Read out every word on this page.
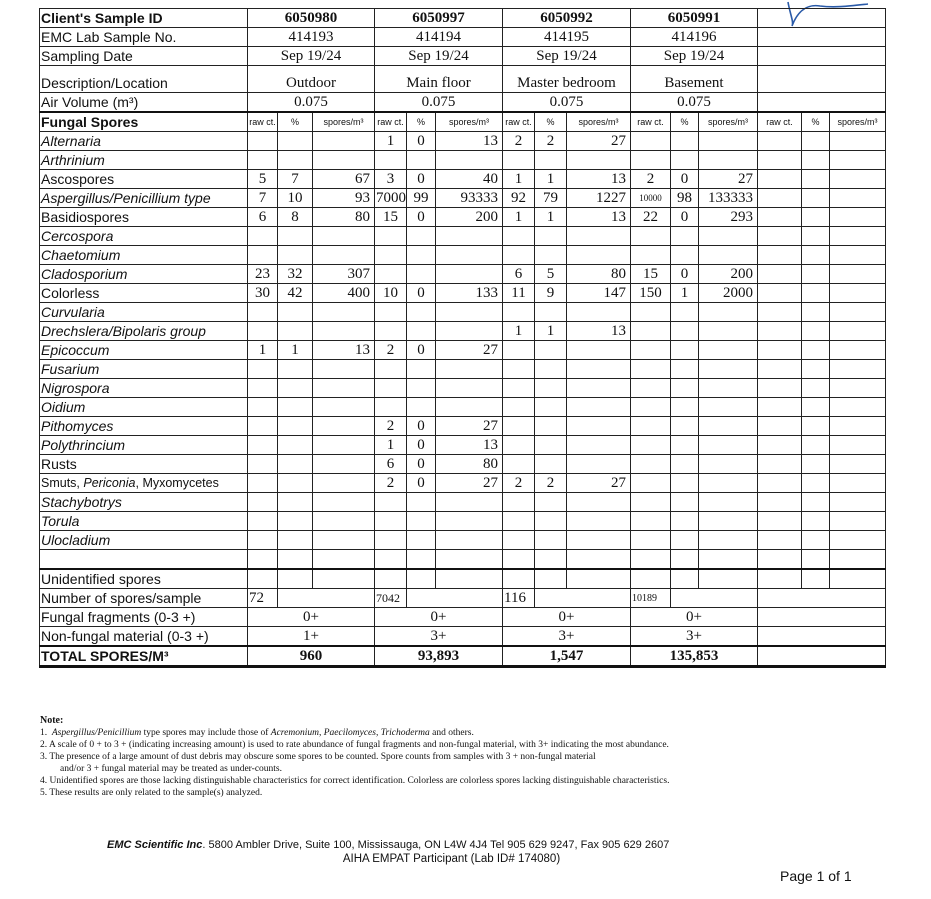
Client's Sample ID	6050980			6050997			6050992			6050991					
EMC Lab Sample No.	414193			414194			414195			414196					
Sampling Date	Sep 19/24			Sep 19/24			Sep 19/24			Sep 19/24					
Description/Location	Outdoor			Main floor			Master bedroom			Basement					
Air Volume (m³)	0.075			0.075			0.075			0.075					
Fungal Spores	raw ct.	%	spores/m³	raw ct.	%	spores/m³	raw ct.	%	spores/m³	raw ct.	%	spores/m³	raw ct.	%	spores/m³
Alternaria				1	0	13	2	2	27						
Arthrinium															
Ascospores	5	7	67	3	0	40	1	1	13	2	0	27			
Aspergillus/Penicillium type	7	10	93	7000	99	93333	92	79	1227	10000	98	133333			
Basidiospores	6	8	80	15	0	200	1	1	13	22	0	293			
Cercospora															
Chaetomium															
Cladosporium	23	32	307				6	5	80	15	0	200			
Colorless	30	42	400	10	0	133	11	9	147	150	1	2000			
Curvularia															
Drechslera/Bipolaris group							1	1	13						
Epicoccum	1	1	13	2	0	27									
Fusarium															
Nigrospora															
Oidium															
Pithomyces				2	0	27									
Polythrincium				1	0	13									
Rusts				6	0	80									
Smuts, Periconia, Myxomycetes				2	0	27	2	2	27						
Stachybotrys															
Torula															
Ulocladium															

Unidentified spores															
Number of spores/sample	72			7042			116			10189					
Fungal fragments (0-3 +)	0+			0+			0+			0+					
Non-fungal material (0-3 +)	1+			3+			3+			3+					
TOTAL SPORES/M³	960			93,893			1,547			135,853					
Note:
1. Aspergillus/Penicillium type spores may include those of Acremonium, Paecilomyces, Trichoderma and others.
2. A scale of 0 + to 3 + (indicating increasing amount) is used to rate abundance of fungal fragments and non-fungal material, with 3+ indicating the most abundance.
3. The presence of a large amount of dust debris may obscure some spores to be counted. Spore counts from samples with 3 + non-fungal material
and/or 3 + fungal material may be treated as under-counts.
4. Unidentified spores are those lacking distinguishable characteristics for correct identification. Colorless are colorless spores lacking distinguishable characteristics.
5. These results are only related to the sample(s) analyzed.
EMC Scientific Inc. 5800 Ambler Drive, Suite 100, Mississauga, ON L4W 4J4 Tel 905 629 9247, Fax 905 629 2607
AIHA EMPAT Participant (Lab ID# 174080)
Page 1 of 1
